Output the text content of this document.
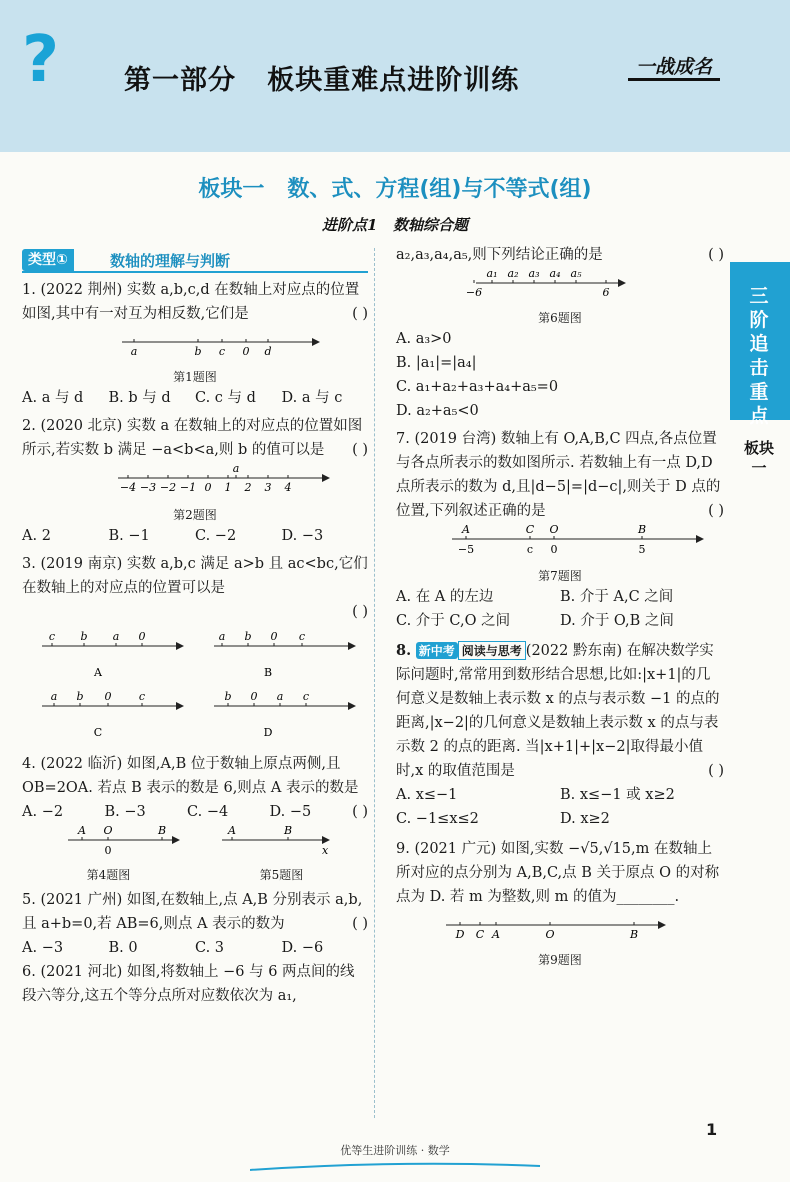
? 第一部分   板块重难点进阶训练	一战成名
板块一   数、式、方程(组)与不等式(组)
进阶点1   数轴综合题
类型①	数轴的理解与判断
三阶追击重点
板块一

1. (2022 荆州) 实数 a,b,c,d 在数轴上对应点的位置如图,其中有一对互为相反数,它们是	( )

a	b c 0 d

第1题图

A. a 与 d	B. b 与 d	C. c 与 d	D. a 与 c

2. (2020 北京) 实数 a 在数轴上的对应点的位置如图所示,若实数 b 满足 −a<b<a,则 b 的值可以是 ( )

−4 −3 −2 −1 0 1 2 3 4
a

第2题图

A. 2	B. −1	C. −2	D. −3

3. (2019 南京) 实数 a,b,c 满足 a>b 且 ac<bc,它们在数轴上的对应点的位置可以是

( )

c b a 0	a b 0 c
a b 0 c	b 0 a c
A	B
C	D

4. (2022 临沂) 如图,A,B 位于数轴上原点两侧,且 OB=2OA. 若点 B 表示的数是 6,则点 A 表示的数是
( )

A. −2	B. −3	C. −4	D. −5
A O	B
0
A	B
x
第4题图	第5题图

5. (2021 广州) 如图,在数轴上,点 A,B 分别表示 a,b,且 a+b=0,若 AB=6,则点 A 表示的数为	( )

A. −3	B. 0	C. 3	D. −6

6. (2021 河北) 如图,将数轴上 −6 与 6 两点间的线段六等分,这五个等分点所对应数依次为 a₁,

a₂,a₃,a₄,a₅,则下列结论正确的是	( )

a₁ a₂ a₃ a₄ a₅
−6	6

第6题图

A. a₃>0

B. |a₁|=|a₄|

C. a₁+a₂+a₃+a₄+a₅=0

D. a₂+a₅<0

7. (2019 台湾) 数轴上有 O,A,B,C 四点,各点位置与各点所表示的数如图所示. 若数轴上有一点 D,D 点所表示的数为 d,且|d−5|=|d−c|,则关于 D 点的位置,下列叙述正确的是	( )

A
−5
C
c
O
0
B
5

第7题图

A. 在 A 的左边	B. 介于 A,C 之间
C. 介于 C,O 之间	D. 介于 O,B 之间

8. 新中考 阅读与思考 (2022 黔东南) 在解决数学实际问题时,常常用到数形结合思想,比如:|x+1|的几何意义是数轴上表示数 x 的点与表示数 −1 的点的距离,|x−2|的几何意义是数轴上表示数 x 的点与表示数 2 的点的距离. 当|x+1|+|x−2|取得最小值时,x 的取值范围是	( )

A. x≤−1	B. x≤−1 或 x≥2
C. −1≤x≤2	D. x≥2

9. (2021 广元) 如图,实数 −√5,√15,m 在数轴上所对应的点分别为 A,B,C,点 B 关于原点 O 的对称点为 D. 若 m 为整数,则 m 的值为________.

D C A	O	B

第9题图

1
优等生进阶训练 · 数学
